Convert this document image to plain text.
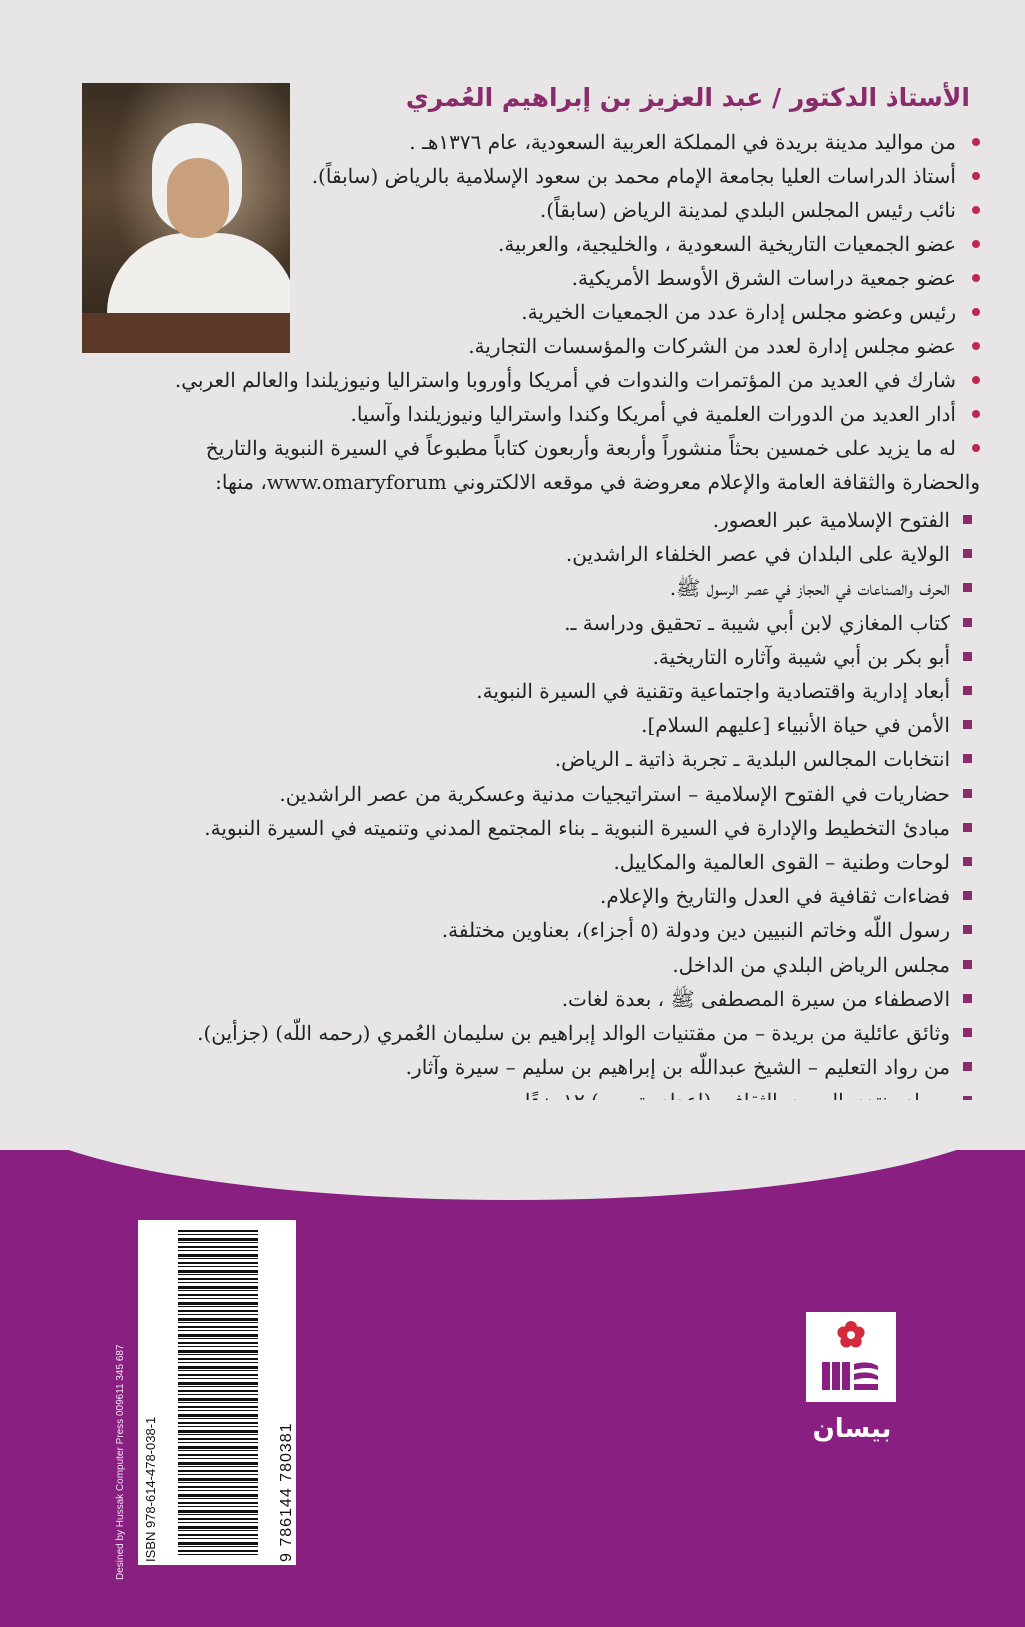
الأستاذ الدكتور / عبد العزيز بن إبراهيم العُمري
من مواليد مدينة بريدة في المملكة العربية السعودية، عام ١٣٧٦هـ .
أستاذ الدراسات العليا بجامعة الإمام محمد بن سعود الإسلامية بالرياض (سابقاً).
نائب رئيس المجلس البلدي لمدينة الرياض (سابقاً).
عضو الجمعيات التاريخية السعودية ، والخليجية، والعربية.
عضو جمعية دراسات الشرق الأوسط الأمريكية.
رئيس وعضو مجلس إدارة عدد من الجمعيات الخيرية.
عضو مجلس إدارة لعدد من الشركات والمؤسسات التجارية.
شارك في العديد من المؤتمرات والندوات في أمريكا وأوروبا واستراليا ونيوزيلندا والعالم العربي.
أدار العديد من الدورات العلمية في أمريكا وكندا واستراليا ونيوزيلندا وآسيا.
له ما يزيد على خمسين بحثاً منشوراً وأربعة وأربعون كتاباً مطبوعاً في السيرة النبوية والتاريخ
والحضارة والثقافة العامة والإعلام معروضة في موقعه الالكتروني www.omaryforum، منها:
الفتوح الإسلامية عبر العصور.
الولاية على البلدان في عصر الخلفاء الراشدين.
الحرف والصناعات في الحجاز في عصر الرسول ﷺ.
كتاب المغازي لابن أبي شيبة ـ تحقيق ودراسة ـ.
أبو بكر بن أبي شيبة وآثاره التاريخية.
أبعاد إدارية واقتصادية واجتماعية وتقنية في السيرة النبوية.
الأمن في حياة الأنبياء [عليهم السلام].
انتخابات المجالس البلدية ـ تجربة ذاتية ـ الرياض.
حضاريات في الفتوح الإسلامية – استراتيجيات مدنية وعسكرية من عصر الراشدين.
مبادئ التخطيط والإدارة في السيرة النبوية ـ بناء المجتمع المدني وتنميته في السيرة النبوية.
لوحات وطنية – القوى العالمية والمكاييل.
فضاءات ثقافية في العدل والتاريخ والإعلام.
رسول اللّه وخاتم النبيين دين ودولة (٥ أجزاء)، بعناوين مختلفة.
مجلس الرياض البلدي من الداخل.
الاصطفاء من سيرة المصطفى ﷺ ، بعدة لغات.
وثائق عائلية من بريدة – من مقتنيات الوالد إبراهيم بن سليمان العُمري (رحمه اللّه) (جزأين).
من رواد التعليم – الشيخ عبداللّه بن إبراهيم بن سليم – سيرة وآثار.
ISBN 978-614-478-038-1	9 786144 780381
Desined by Hussak Computer Press 009611 345 687	بيسان
